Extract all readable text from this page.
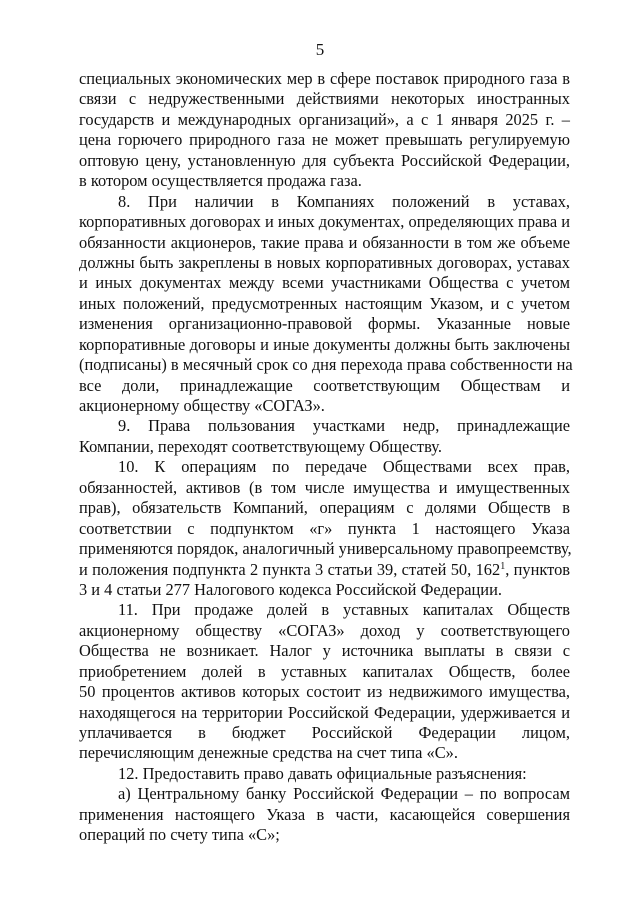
5
специальных экономических мер в сфере поставок природного газа в
связи с недружественными действиями некоторых иностранных
государств и международных организаций», а с 1 января 2025 г. –
цена горючего природного газа не может превышать регулируемую
оптовую цену, установленную для субъекта Российской Федерации,
в котором осуществляется продажа газа.
8. При наличии в Компаниях положений в уставах,
корпоративных договорах и иных документах, определяющих права и
обязанности акционеров, такие права и обязанности в том же объеме
должны быть закреплены в новых корпоративных договорах, уставах
и иных документах между всеми участниками Общества с учетом
иных положений, предусмотренных настоящим Указом, и с учетом
изменения организационно-правовой формы. Указанные новые
корпоративные договоры и иные документы должны быть заключены
(подписаны) в месячный срок со дня перехода права собственности на
все доли, принадлежащие соответствующим Обществам и
акционерному обществу «СОГАЗ».
9. Права пользования участками недр, принадлежащие
Компании, переходят соответствующему Обществу.
10. К операциям по передаче Обществами всех прав,
обязанностей, активов (в том числе имущества и имущественных
прав), обязательств Компаний, операциям с долями Обществ в
соответствии с подпунктом «г» пункта 1 настоящего Указа
применяются порядок, аналогичный универсальному правопреемству,
и положения подпункта 2 пункта 3 статьи 39, статей 50, $162^1$, пунктов
3 и 4 статьи 277 Налогового кодекса Российской Федерации.
11. При продаже долей в уставных капиталах Обществ
акционерному обществу «СОГАЗ» доход у соответствующего
Общества не возникает. Налог у источника выплаты в связи с
приобретением долей в уставных капиталах Обществ, более
50 процентов активов которых состоит из недвижимого имущества,
находящегося на территории Российской Федерации, удерживается и
уплачивается в бюджет Российской Федерации лицом,
перечисляющим денежные средства на счет типа «С».
12. Предоставить право давать официальные разъяснения:
а) Центральному банку Российской Федерации – по вопросам
применения настоящего Указа в части, касающейся совершения
операций по счету типа «С»;
